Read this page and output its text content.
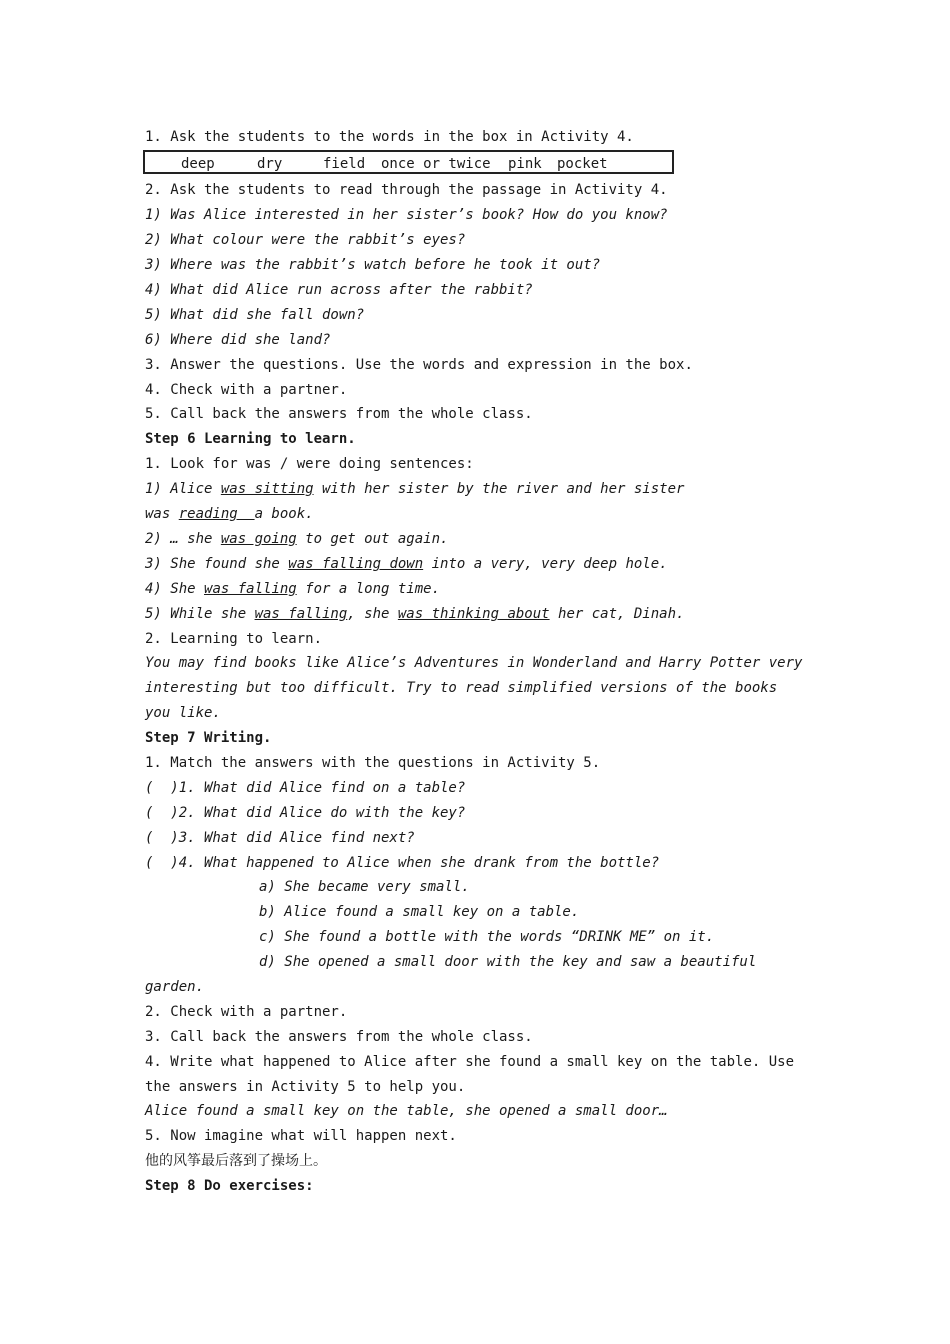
1. Ask the students to the words in the box in Activity 4.
deep	dry	field once or twice pink pocket
2. Ask the students to read through the passage in Activity 4.
1) Was Alice interested in her sister’s book? How do you know?
2) What colour were the rabbit’s eyes?
3) Where was the rabbit’s watch before he took it out?
4) What did Alice run across after the rabbit?
5) What did she fall down?
6) Where did she land?
3. Answer the questions. Use the words and expression in the box.
4. Check with a partner.
5. Call back the answers from the whole class.
Step 6 Learning to learn.
1. Look for was / were doing sentences:
1) Alice was sitting with her sister by the river and her sister
was reading  a book.
2) … she was going to get out again.
3) She found she was falling down into a very, very deep hole.
4) She was falling for a long time.
5) While she was falling, she was thinking about her cat, Dinah.
2. Learning to learn.
You may find books like Alice’s Adventures in Wonderland and Harry Potter very
interesting but too difficult. Try to read simplified versions of the books
you like.
Step 7 Writing.
1. Match the answers with the questions in Activity 5.
(  )1. What did Alice find on a table?
(  )2. What did Alice do with the key?
(  )3. What did Alice find next?
(  )4. What happened to Alice when she drank from the bottle?
a) She became very small.
b) Alice found a small key on a table.
c) She found a bottle with the words “DRINK ME” on it.
d) She opened a small door with the key and saw a beautiful
garden.
2. Check with a partner.
3. Call back the answers from the whole class.
4. Write what happened to Alice after she found a small key on the table. Use
the answers in Activity 5 to help you.
Alice found a small key on the table, she opened a small door…
5. Now imagine what will happen next.
他的风筝最后落到了操场上。
Step 8 Do exercises:
